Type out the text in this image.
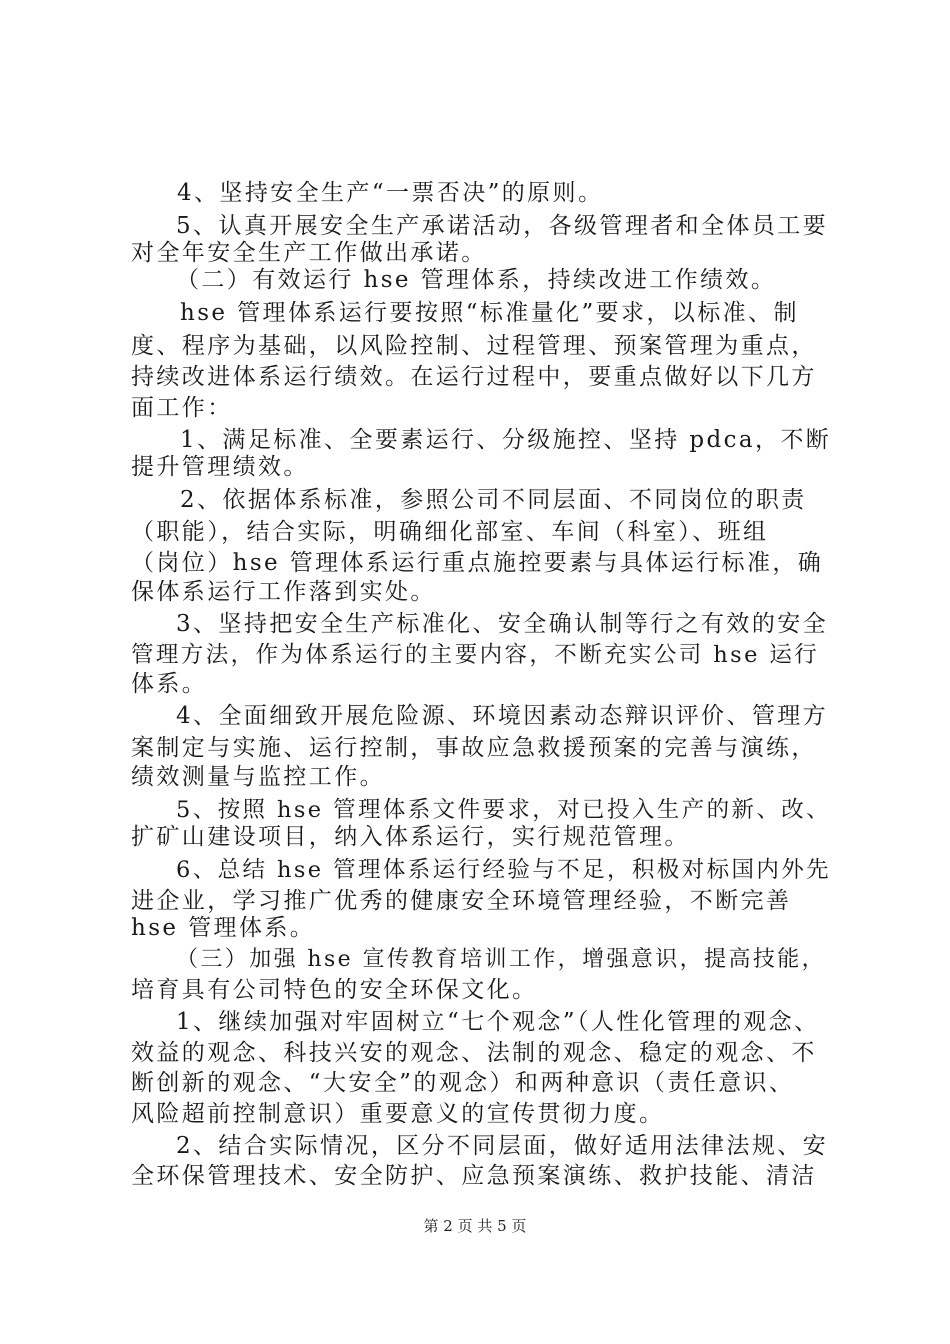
4、坚持安全生产“一票否决”的原则。
5、认真开展安全生产承诺活动，各级管理者和全体员工要
对全年安全生产工作做出承诺。
（二）有效运行 hse 管理体系，持续改进工作绩效。
hse 管理体系运行要按照“标准量化”要求，以标准、制
度、程序为基础，以风险控制、过程管理、预案管理为重点，
持续改进体系运行绩效。在运行过程中，要重点做好以下几方
面工作：
1、满足标准、全要素运行、分级施控、坚持 pdca，不断
提升管理绩效。
2、依据体系标准，参照公司不同层面、不同岗位的职责
（职能），结合实际，明确细化部室、车间（科室）、班组
（岗位）hse 管理体系运行重点施控要素与具体运行标准，确
保体系运行工作落到实处。
3、坚持把安全生产标准化、安全确认制等行之有效的安全
管理方法，作为体系运行的主要内容，不断充实公司 hse 运行
体系。
4、全面细致开展危险源、环境因素动态辩识评价、管理方
案制定与实施、运行控制，事故应急救援预案的完善与演练，
绩效测量与监控工作。
5、按照 hse 管理体系文件要求，对已投入生产的新、改、
扩矿山建设项目，纳入体系运行，实行规范管理。
6、总结 hse 管理体系运行经验与不足，积极对标国内外先
进企业，学习推广优秀的健康安全环境管理经验，不断完善
hse 管理体系。
（三）加强 hse 宣传教育培训工作，增强意识，提高技能，
培育具有公司特色的安全环保文化。
1、继续加强对牢固树立“七个观念”（人性化管理的观念、
效益的观念、科技兴安的观念、法制的观念、稳定的观念、不
断创新的观念、“大安全”的观念）和两种意识（责任意识、
风险超前控制意识）重要意义的宣传贯彻力度。
2、结合实际情况，区分不同层面，做好适用法律法规、安
全环保管理技术、安全防护、应急预案演练、救护技能、清洁
第 2 页 共 5 页
